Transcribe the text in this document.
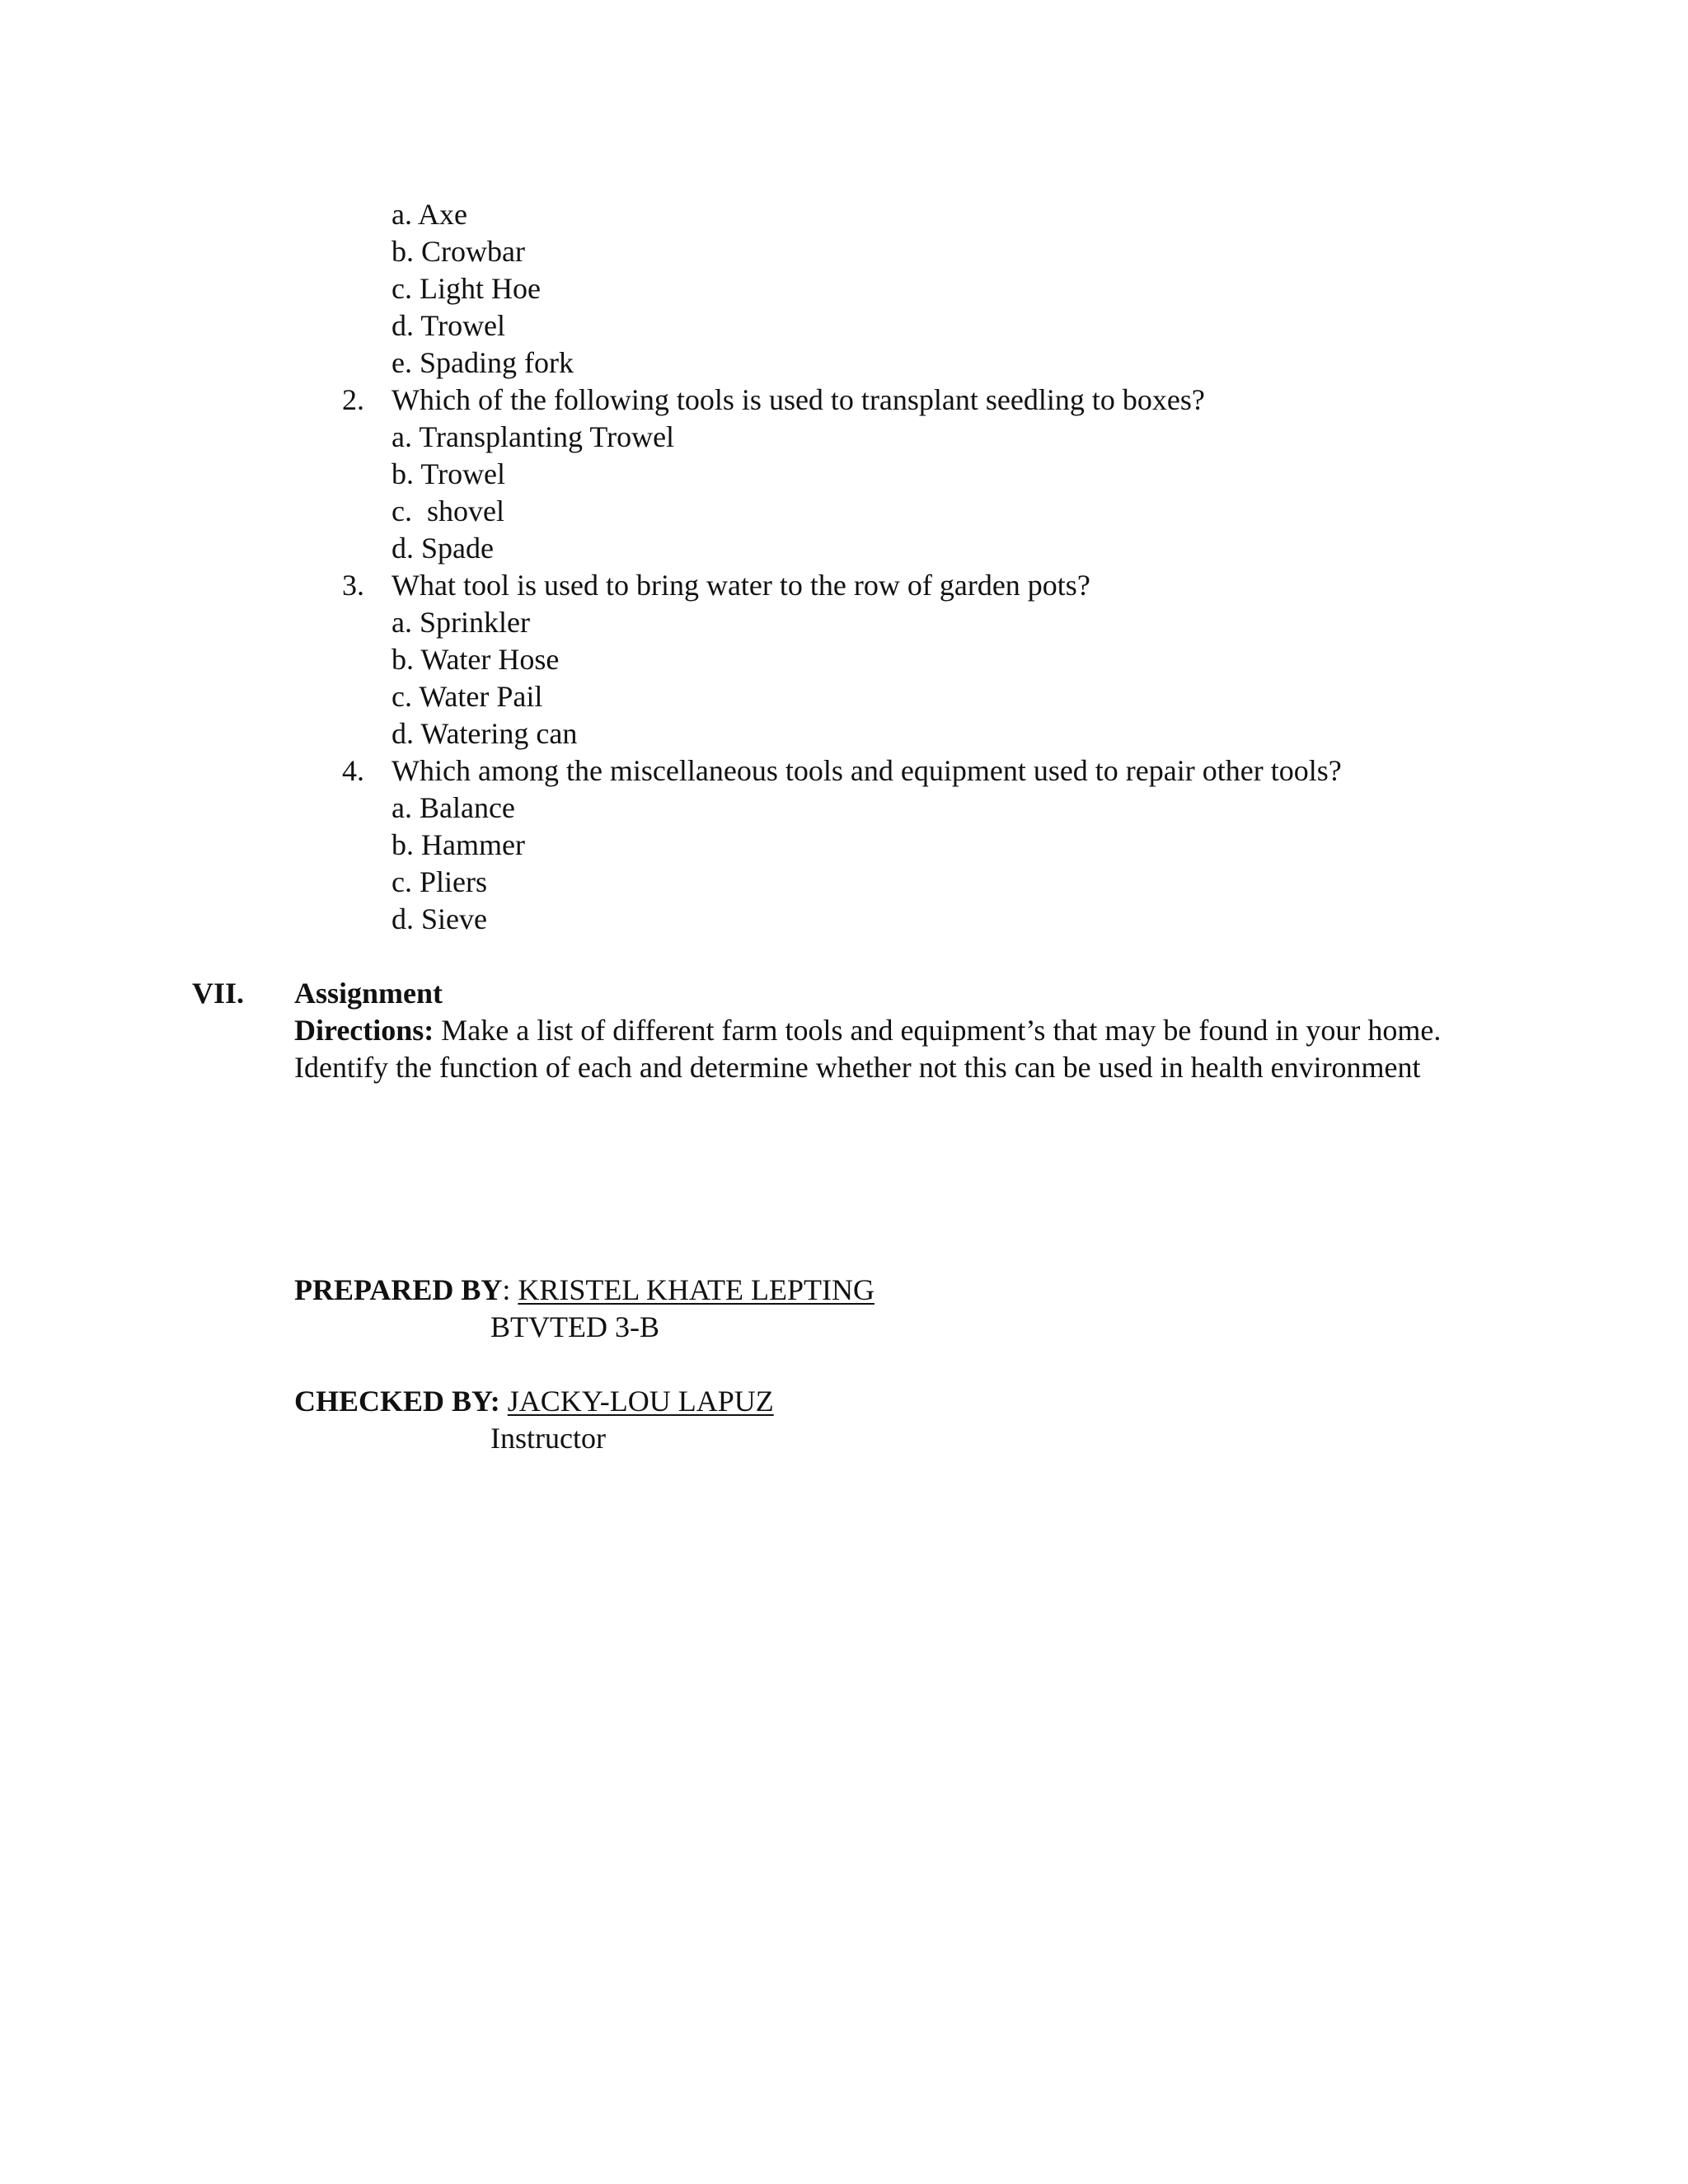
a. Axe
b. Crowbar
c. Light Hoe
d. Trowel
e. Spading fork
2. Which of the following tools is used to transplant seedling to boxes?
a. Transplanting Trowel
b. Trowel
c.  shovel
d. Spade
3. What tool is used to bring water to the row of garden pots?
a. Sprinkler
b. Water Hose
c. Water Pail
d. Watering can
4. Which among the miscellaneous tools and equipment used to repair other tools?
a. Balance
b. Hammer
c. Pliers
d. Sieve
VII. Assignment
Directions: Make a list of different farm tools and equipment’s that may be found in your home.
Identify the function of each and determine whether not this can be used in health environment
PREPARED BY: KRISTEL KHATE LEPTING
BTVTED 3-B
CHECKED BY: JACKY-LOU LAPUZ
Instructor
